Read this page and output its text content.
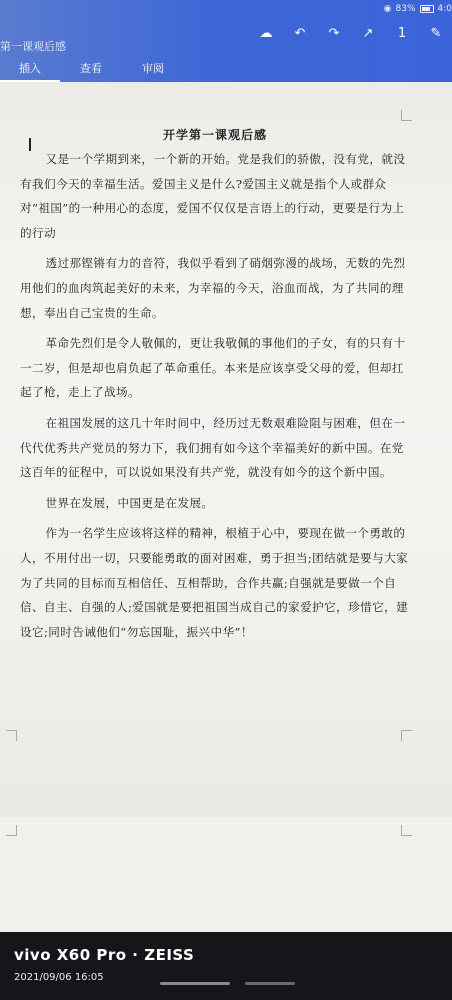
◉ 83% 4:0
第一课观后感
☁ ↶ ↷ ↗ 1 ✎
插入	查看	审阅
开学第一课观后感

又是一个学期到来，一个新的开始。党是我们的骄傲，没有党，就没有我们今天的幸福生活。爱国主义是什么?爱国主义就是指个人或群众对“祖国”的一种用心的态度，爱国不仅仅是言语上的行动，更要是行为上的行动

透过那铿锵有力的音符，我似乎看到了硝烟弥漫的战场，无数的先烈用他们的血肉筑起美好的未来，为幸福的今天，浴血而战，为了共同的理想，奉出自己宝贵的生命。

革命先烈们是令人敬佩的，更让我敬佩的事他们的子女，有的只有十一二岁，但是却也肩负起了革命重任。本来是应该享受父母的爱，但却扛起了枪，走上了战场。

在祖国发展的这几十年时间中，经历过无数艰难险阻与困难，但在一代代优秀共产党员的努力下，我们拥有如今这个幸福美好的新中国。在党这百年的征程中，可以说如果没有共产党，就没有如今的这个新中国。

世界在发展，中国更是在发展。

作为一名学生应该将这样的精神，根植于心中，要现在做一个勇敢的人，不用付出一切，只要能勇敢的面对困难，勇于担当;团结就是要与大家为了共同的目标而互相信任、互相帮助，合作共赢;自强就是要做一个自信、自主、自强的人;爱国就是要把祖国当成自己的家爱护它，珍惜它，建设它;同时告诫他们“勿忘国耻，振兴中华”！

vivo X60 Pro · ZEISS
2021/09/06 16:05
